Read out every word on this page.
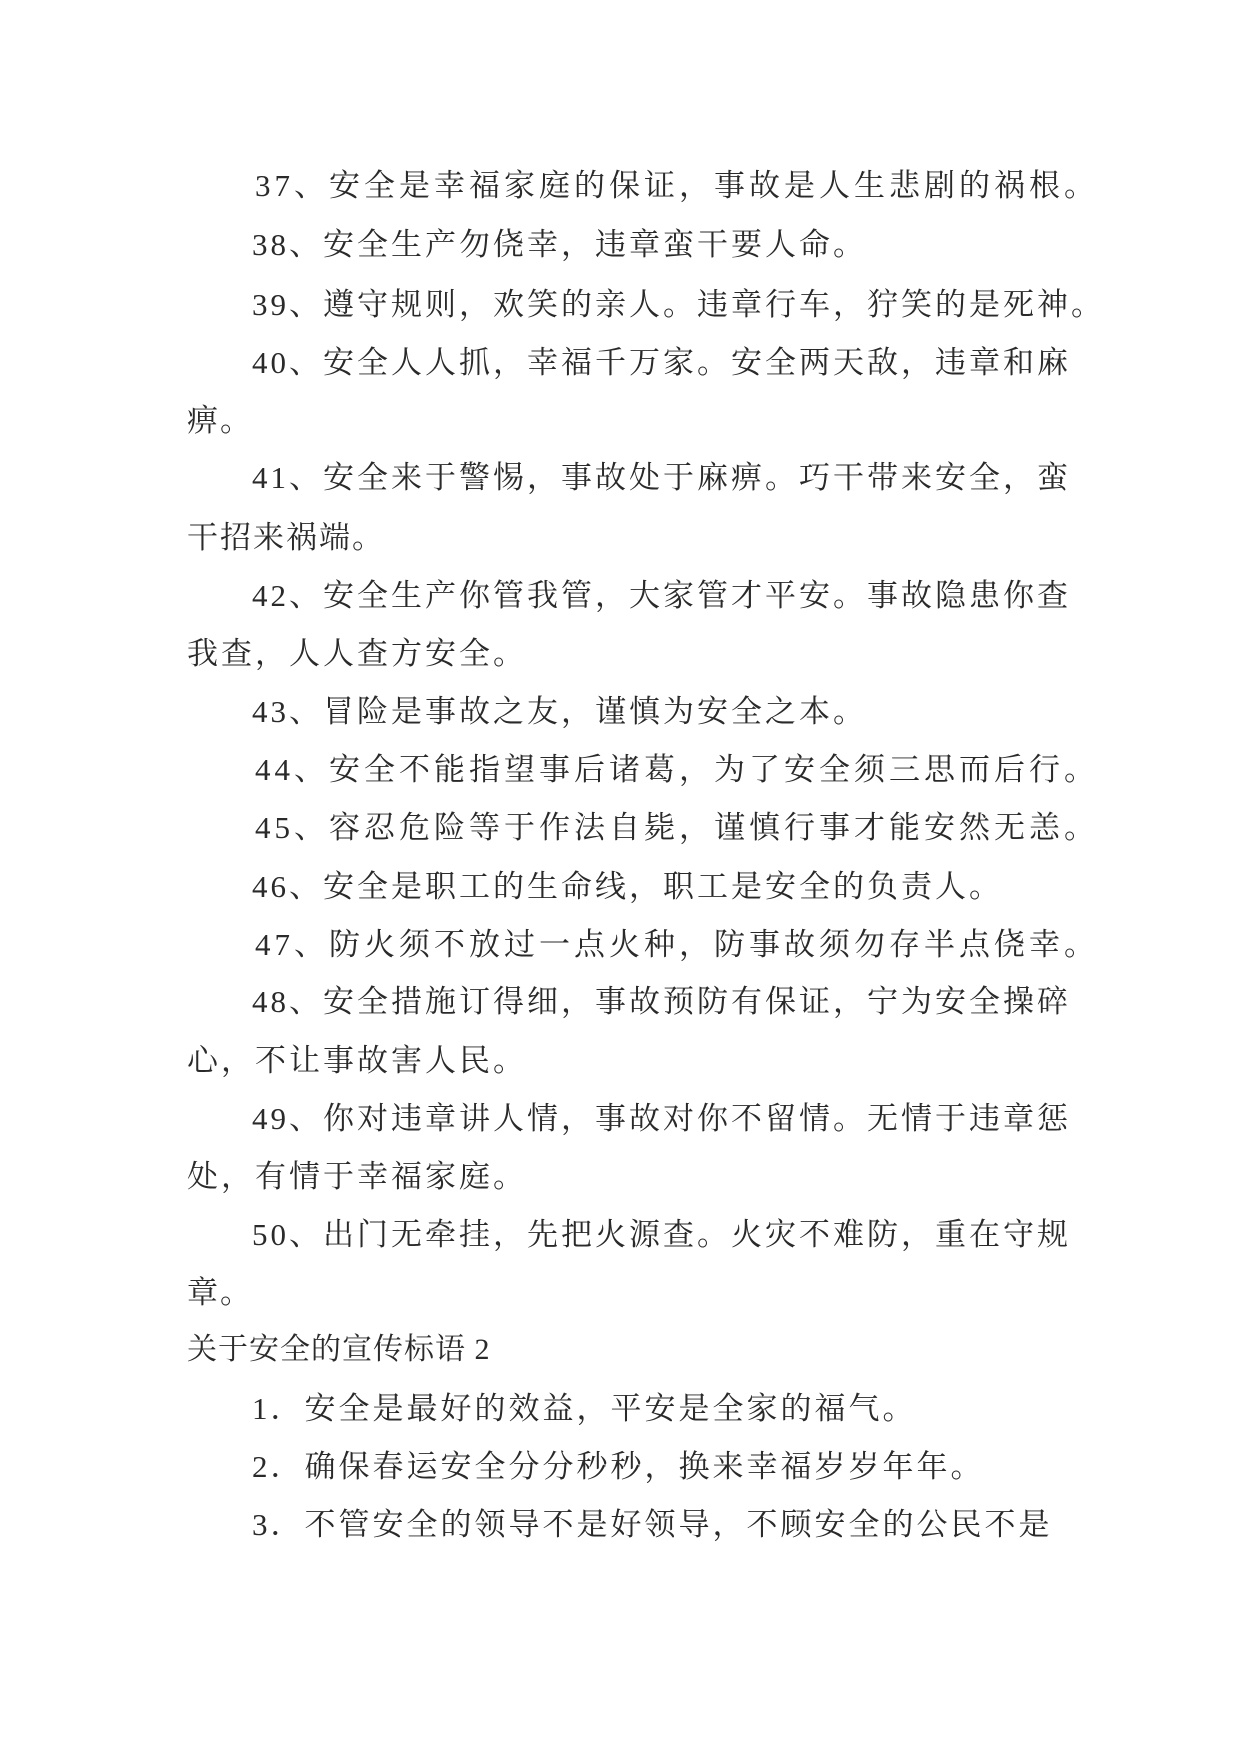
37、安全是幸福家庭的保证，事故是人生悲剧的祸根。
38、安全生产勿侥幸，违章蛮干要人命。
39、遵守规则，欢笑的亲人。违章行车，狞笑的是死神。
40、安全人人抓，幸福千万家。安全两天敌，违章和麻
痹。
41、安全来于警惕，事故处于麻痹。巧干带来安全，蛮
干招来祸端。
42、安全生产你管我管，大家管才平安。事故隐患你查
我查，人人查方安全。
43、冒险是事故之友，谨慎为安全之本。
44、安全不能指望事后诸葛，为了安全须三思而后行。
45、容忍危险等于作法自毙，谨慎行事才能安然无恙。
46、安全是职工的生命线，职工是安全的负责人。
47、防火须不放过一点火种，防事故须勿存半点侥幸。
48、安全措施订得细，事故预防有保证，宁为安全操碎
心，不让事故害人民。
49、你对违章讲人情，事故对你不留情。无情于违章惩
处，有情于幸福家庭。
50、出门无牵挂，先把火源查。火灾不难防，重在守规
章。
关于安全的宣传标语 2
1．安全是最好的效益，平安是全家的福气。
2．确保春运安全分分秒秒，换来幸福岁岁年年。
3．不管安全的领导不是好领导，不顾安全的公民不是
